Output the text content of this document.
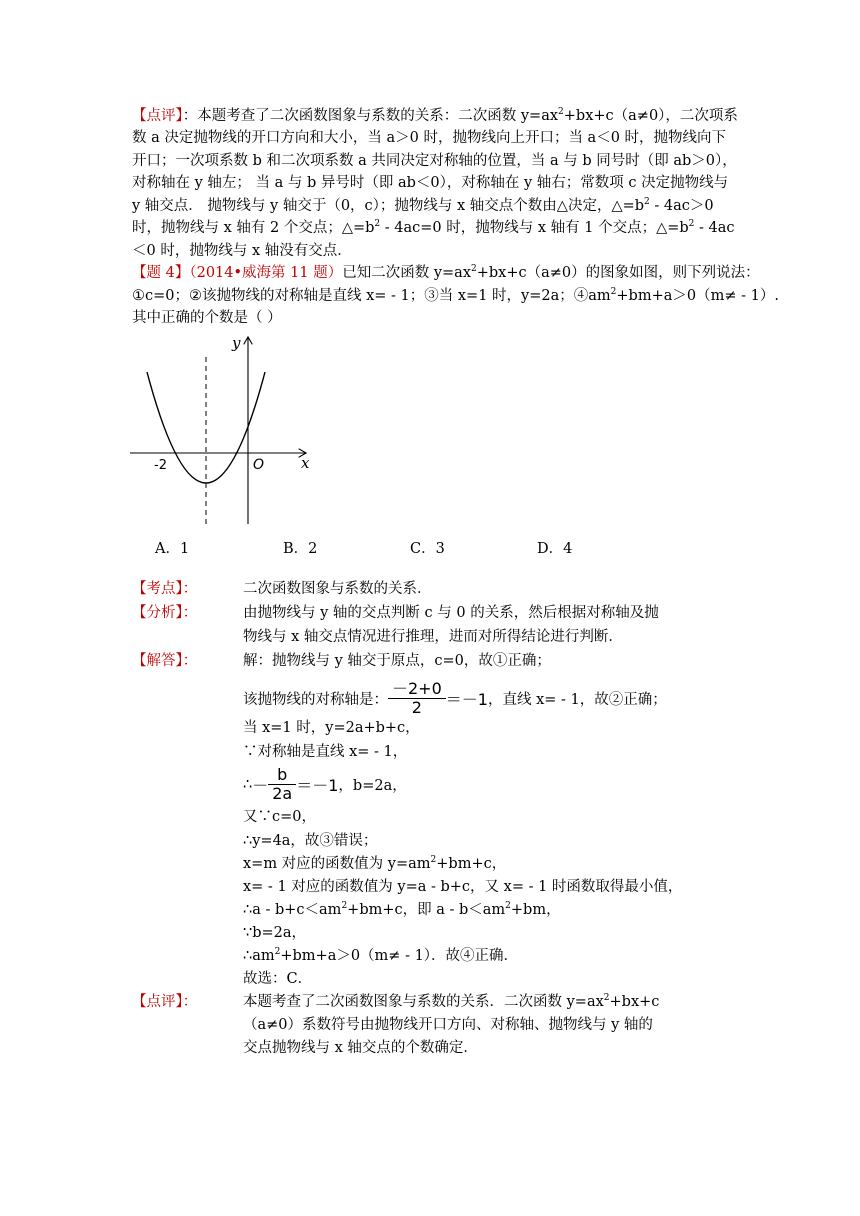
【点评】：本题考查了二次函数图象与系数的关系：二次函数 $y=ax^2+bx+c(a\ne 0)$，二次项系
数 a 决定抛物线的开口方向和大小，当 a＞0 时，抛物线向上开口；当 a＜0 时，抛物线向下
开口；一次项系数 b 和二次项系数 a 共同决定对称轴的位置，当 a 与 b 同号时（即 ab＞0），
对称轴在 y 轴左； 当 a 与 b 异号时（即 ab＜0），对称轴在 y 轴右；常数项 c 决定抛物线与
y 轴交点． 抛物线与 y 轴交于（0，c）；抛物线与 x 轴交点个数由△决定，$\triangle=b^2 - 4ac>0$
时，抛物线与 x 轴有 2 个交点；$\triangle=b^2 - 4ac=0$ 时，抛物线与 x 轴有 1 个交点；$\triangle=b^2 - 4ac$
＜0 时，抛物线与 x 轴没有交点．
【题 4】（2014•威海第 11 题）已知二次函数 $y=ax^2+bx+c(a\ne 0)$的图象如图，则下列说法：
①c=0；②该抛物线的对称轴是直线 x= - 1；③当 x=1 时，y=2a；$④am^2+bm+a>0(m\ne - 1)$.
其中正确的个数是（ ）
y
x
O
-2
A．1	B．2	C．3	D．4
【考点】：	二次函数图象与系数的关系．
【分析】：	由抛物线与 y 轴的交点判断 c 与 0 的关系，然后根据对称轴及抛
物线与 x 轴交点情况进行推理，进而对所得结论进行判断．
【解答】：	解：抛物线与 y 轴交于原点，c=0，故①正确；
该抛物线的对称轴是： $\frac{-2+0}{2} =-1$ ，直线 x= - 1，故②正确；
当 x=1 时，y=2a+b+c，
∵对称轴是直线 x= - 1，
∴ － $\frac{b}{2a} =-1$ ，b=2a，
又∵c=0，
∴y=4a，故③错误；
x=m 对应的函数值为 $y=am^2+bm+c$，
x= - 1 对应的函数值为 y=a - b+c，又 x= - 1 时函数取得最小值，
∴a - $b+c<am^2+bm+c$，即 $a - b<am^2+bm$，
∵b=2a，
$\therefore am^2+bm+a>0(m\ne - 1)$．故④正确．
故选：C．
【点评】：	本题考查了二次函数图象与系数的关系．二次函数 $y=ax^2+bx+c$
（a≠0）系数符号由抛物线开口方向、对称轴、抛物线与 y 轴的
交点抛物线与 x 轴交点的个数确定．
